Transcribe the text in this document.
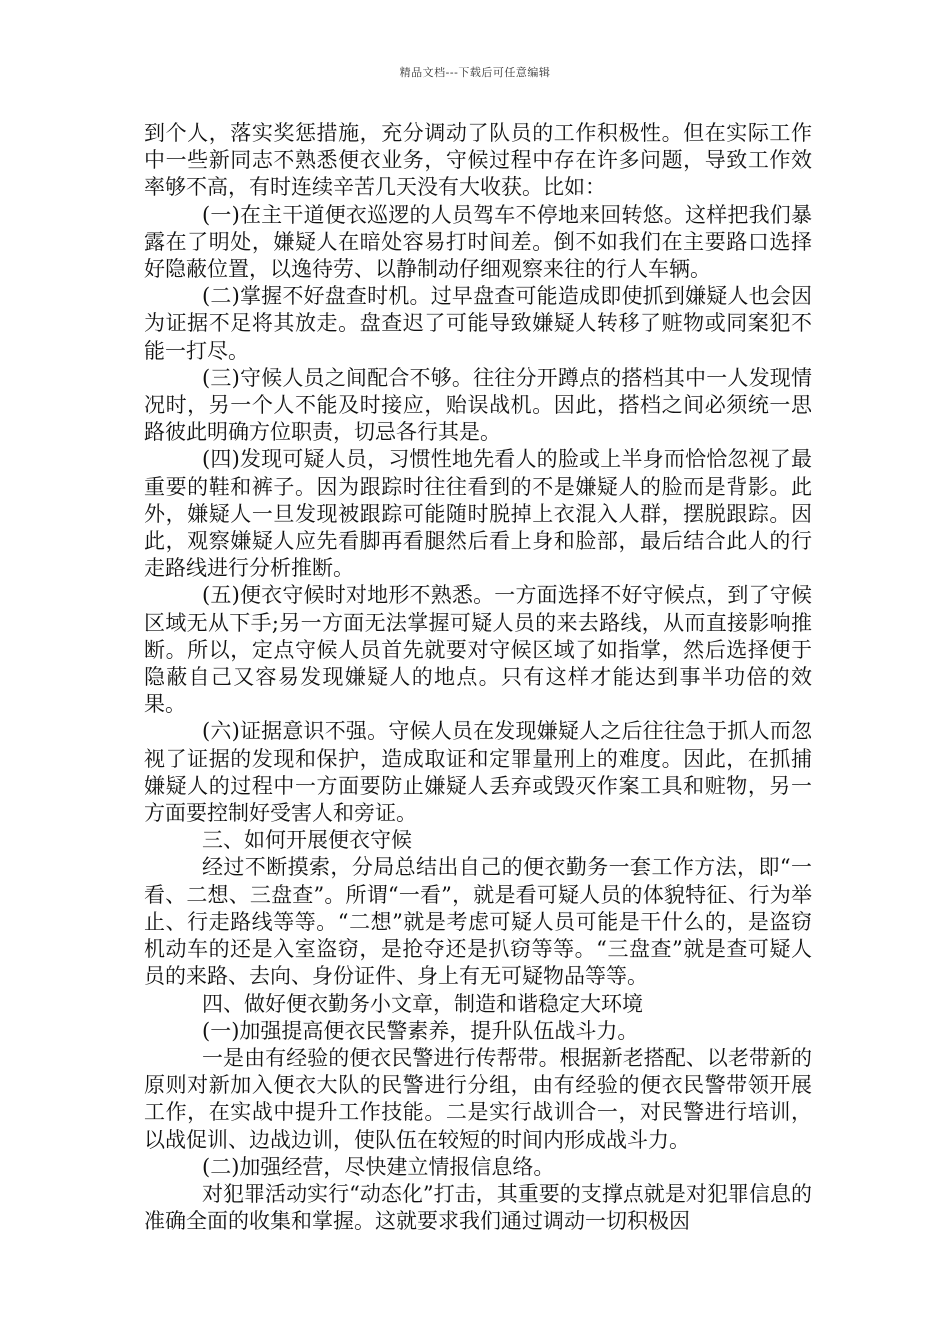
精品文档---下载后可任意编辑

到个人，落实奖惩措施，充分调动了队员的工作积极性。但在实际工作中一些新同志不熟悉便衣业务，守候过程中存在许多问题，导致工作效率够不高，有时连续辛苦几天没有大收获。比如：

(一)在主干道便衣巡逻的人员驾车不停地来回转悠。这样把我们暴露在了明处，嫌疑人在暗处容易打时间差。倒不如我们在主要路口选择好隐蔽位置，以逸待劳、以静制动仔细观察来往的行人车辆。

(二)掌握不好盘查时机。过早盘查可能造成即使抓到嫌疑人也会因为证据不足将其放走。盘查迟了可能导致嫌疑人转移了赃物或同案犯不能一打尽。

(三)守候人员之间配合不够。往往分开蹲点的搭档其中一人发现情况时，另一个人不能及时接应，贻误战机。因此，搭档之间必须统一思路彼此明确方位职责，切忌各行其是。

(四)发现可疑人员，习惯性地先看人的脸或上半身而恰恰忽视了最重要的鞋和裤子。因为跟踪时往往看到的不是嫌疑人的脸而是背影。此外，嫌疑人一旦发现被跟踪可能随时脱掉上衣混入人群，摆脱跟踪。因此，观察嫌疑人应先看脚再看腿然后看上身和脸部，最后结合此人的行走路线进行分析推断。

(五)便衣守候时对地形不熟悉。一方面选择不好守候点，到了守候区域无从下手;另一方面无法掌握可疑人员的来去路线，从而直接影响推断。所以，定点守候人员首先就要对守候区域了如指掌，然后选择便于隐蔽自己又容易发现嫌疑人的地点。只有这样才能达到事半功倍的效果。

(六)证据意识不强。守候人员在发现嫌疑人之后往往急于抓人而忽视了证据的发现和保护，造成取证和定罪量刑上的难度。因此，在抓捕嫌疑人的过程中一方面要防止嫌疑人丢弃或毁灭作案工具和赃物，另一方面要控制好受害人和旁证。

三、如何开展便衣守候

经过不断摸索，分局总结出自己的便衣勤务一套工作方法，即“一看、二想、三盘查”。所谓“一看”，就是看可疑人员的体貌特征、行为举止、行走路线等等。“二想”就是考虑可疑人员可能是干什么的，是盗窃机动车的还是入室盗窃，是抢夺还是扒窃等等。“三盘查”就是查可疑人员的来路、去向、身份证件、身上有无可疑物品等等。

四、做好便衣勤务小文章，制造和谐稳定大环境

(一)加强提高便衣民警素养，提升队伍战斗力。

一是由有经验的便衣民警进行传帮带。根据新老搭配、以老带新的原则对新加入便衣大队的民警进行分组，由有经验的便衣民警带领开展工作，在实战中提升工作技能。二是实行战训合一，对民警进行培训，以战促训、边战边训，使队伍在较短的时间内形成战斗力。

(二)加强经营，尽快建立情报信息络。

对犯罪活动实行“动态化”打击，其重要的支撑点就是对犯罪信息的准确全面的收集和掌握。这就要求我们通过调动一切积极因
